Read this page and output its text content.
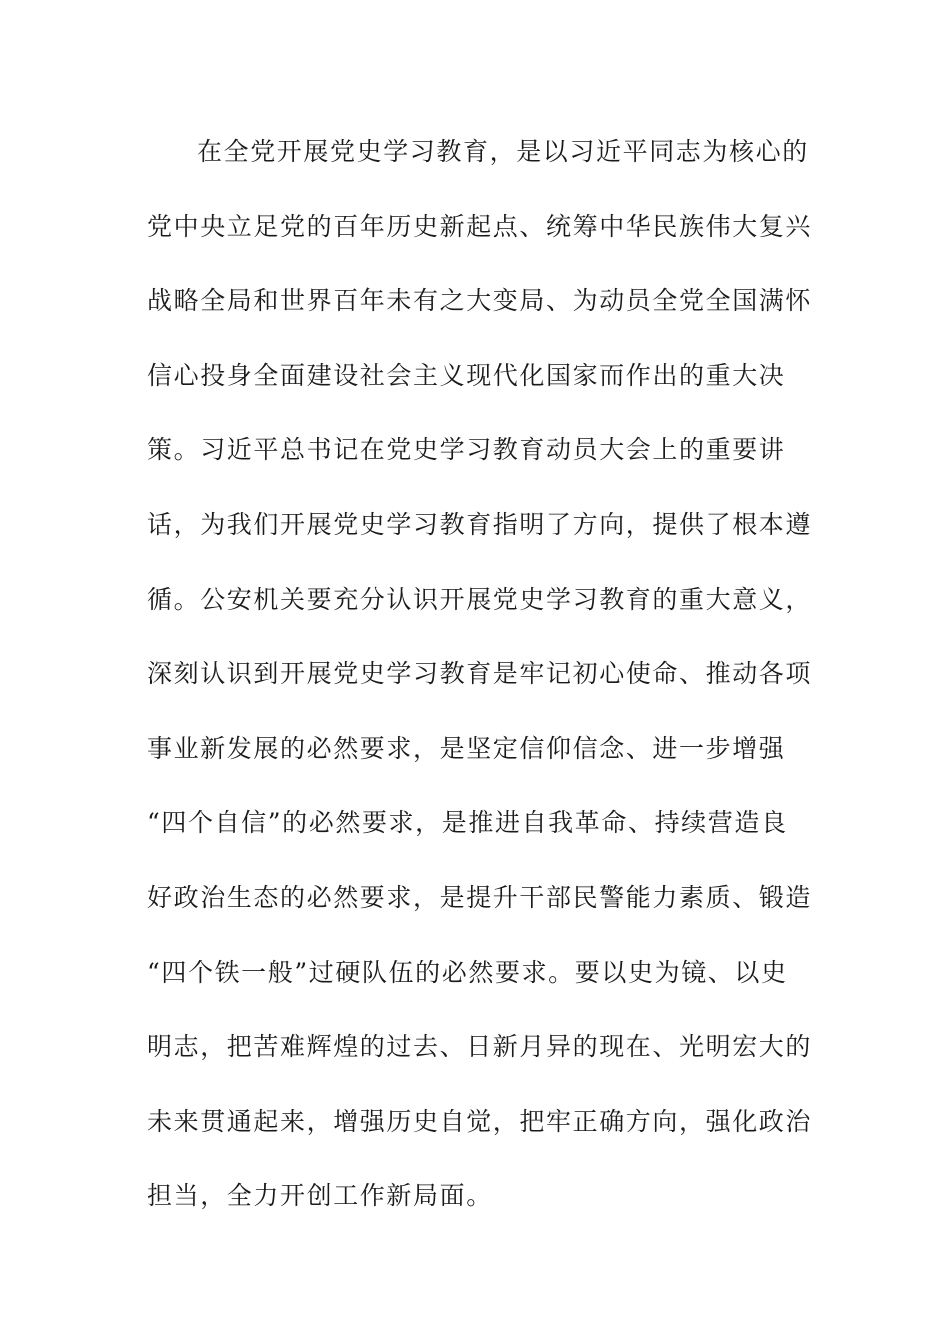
在全党开展党史学习教育，是以习近平同志为核心的
党中央立足党的百年历史新起点、统筹中华民族伟大复兴
战略全局和世界百年未有之大变局、为动员全党全国满怀
信心投身全面建设社会主义现代化国家而作出的重大决
策。习近平总书记在党史学习教育动员大会上的重要讲
话，为我们开展党史学习教育指明了方向，提供了根本遵
循。公安机关要充分认识开展党史学习教育的重大意义，
深刻认识到开展党史学习教育是牢记初心使命、推动各项
事业新发展的必然要求，是坚定信仰信念、进一步增强
“四个自信”的必然要求，是推进自我革命、持续营造良
好政治生态的必然要求，是提升干部民警能力素质、锻造
“四个铁一般”过硬队伍的必然要求。要以史为镜、以史
明志，把苦难辉煌的过去、日新月异的现在、光明宏大的
未来贯通起来，增强历史自觉，把牢正确方向，强化政治
担当，全力开创工作新局面。
